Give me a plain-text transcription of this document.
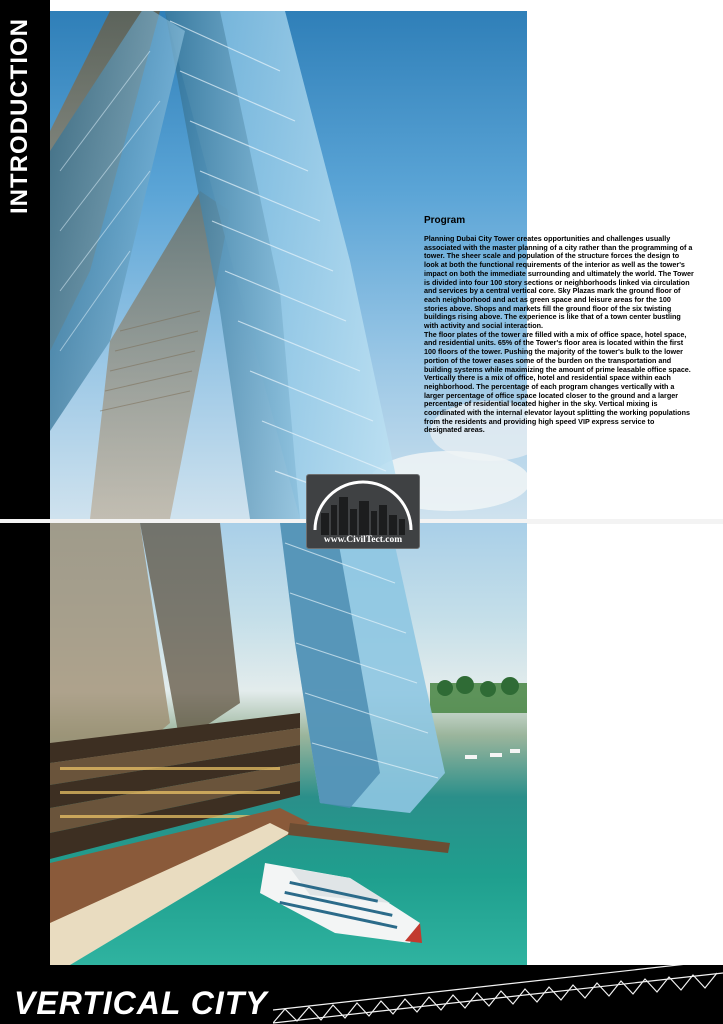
INTRODUCTION
Program

Planning Dubai City Tower creates opportunities and challenges usually associated with the master planning of a city rather than the programming of a tower. The sheer scale and population of the structure forces the design to look at both the functional requirements of the interior as well as the tower's impact on both the immediate surrounding and ultimately the world. The Tower is divided into four 100 story sections or neighborhoods linked via circulation and services by a central vertical core. Sky Plazas mark the ground floor of each neighborhood and act as green space and leisure areas for the 100 stories above. Shops and markets fill the ground floor of the six twisting buildings rising above. The experience is like that of a town center bustling with activity and social interaction.

The floor plates of the tower are filled with a mix of office space, hotel space, and residential units. 65% of the Tower's floor area is located within the first 100 floors of the tower. Pushing the majority of the tower's bulk to the lower portion of the tower eases some of the burden on the transportation and building systems while maximizing the amount of prime leasable office space. Vertically there is a mix of office, hotel and residential space within each neighborhood. The percentage of each program changes vertically with a larger percentage of office space located closer to the ground and a larger percentage of residential located higher in the sky. Vertical mixing is coordinated with the internal elevator layout splitting the working populations from the residents and providing high speed VIP express service to designated areas.

www.CivilTect.com
VERTICAL CITY
